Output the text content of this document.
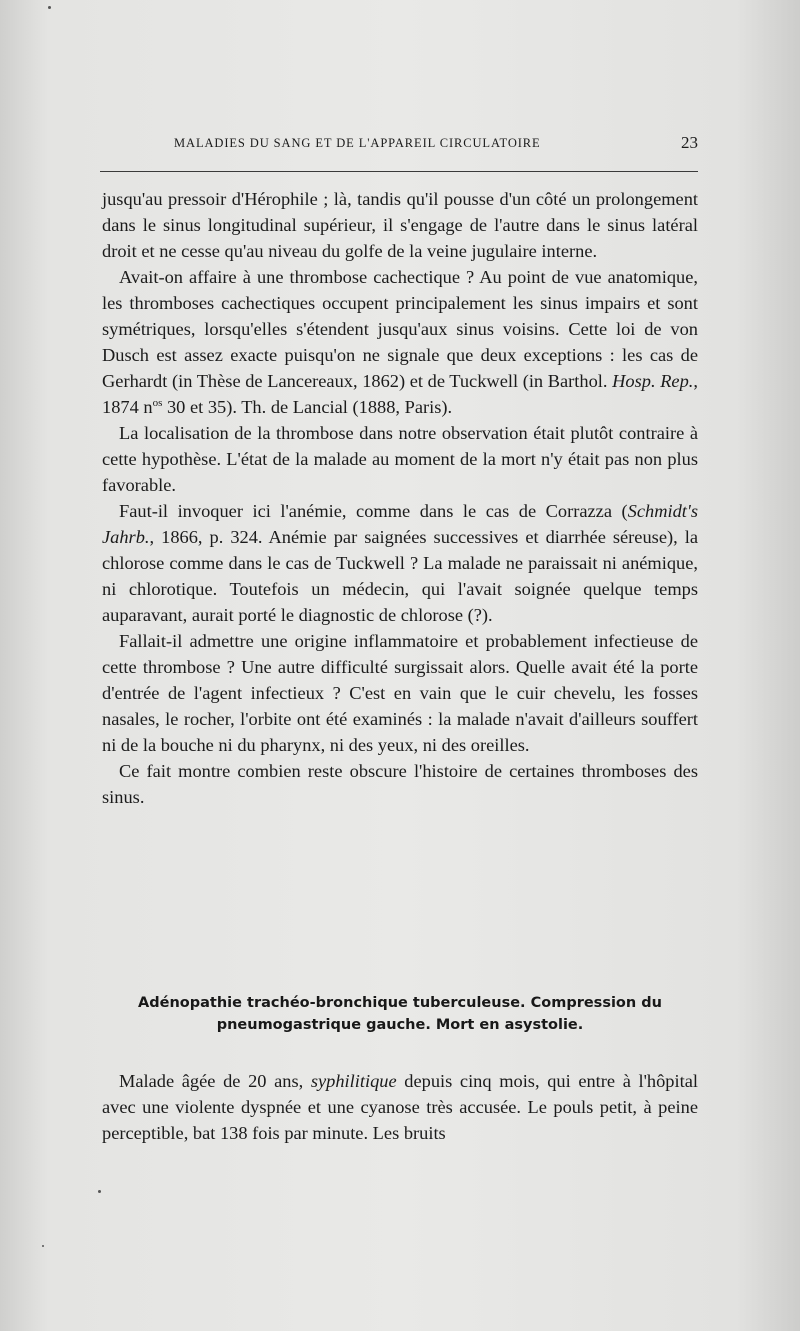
MALADIES DU SANG ET DE L'APPAREIL CIRCULATOIRE	23

jusqu'au pressoir d'Hérophile ; là, tandis qu'il pousse d'un côté un prolongement dans le sinus longitudinal supérieur, il s'engage de l'autre dans le sinus latéral droit et ne cesse qu'au niveau du golfe de la veine jugulaire interne.

Avait-on affaire à une thrombose cachectique ? Au point de vue anatomique, les thromboses cachectiques occupent principalement les sinus impairs et sont symétriques, lorsqu'elles s'étendent jusqu'aux sinus voisins. Cette loi de von Dusch est assez exacte puisqu'on ne signale que deux exceptions : les cas de Gerhardt (in Thèse de Lancereaux, 1862) et de Tuckwell (in Barthol. Hosp. Rep., 1874 $n^{os}$ 30 et 35). Th. de Lancial (1888, Paris).

La localisation de la thrombose dans notre observation était plutôt contraire à cette hypothèse. L'état de la malade au moment de la mort n'y était pas non plus favorable.

Faut-il invoquer ici l'anémie, comme dans le cas de Corrazza (Schmidt's Jahrb., 1866, p. 324. Anémie par saignées successives et diarrhée séreuse), la chlorose comme dans le cas de Tuckwell ? La malade ne paraissait ni anémique, ni chlorotique. Toutefois un médecin, qui l'avait soignée quelque temps auparavant, aurait porté le diagnostic de chlorose (?).

Fallait-il admettre une origine inflammatoire et probablement infectieuse de cette thrombose ? Une autre difficulté surgissait alors. Quelle avait été la porte d'entrée de l'agent infectieux ? C'est en vain que le cuir chevelu, les fosses nasales, le rocher, l'orbite ont été examinés : la malade n'avait d'ailleurs souffert ni de la bouche ni du pharynx, ni des yeux, ni des oreilles.

Ce fait montre combien reste obscure l'histoire de certaines thromboses des sinus.

Adénopathie trachéo-bronchique tuberculeuse. Compression du
pneumogastrique gauche. Mort en asystolie.

Malade âgée de 20 ans, syphilitique depuis cinq mois, qui entre à l'hôpital avec une violente dyspnée et une cyanose très accusée. Le pouls petit, à peine perceptible, bat 138 fois par minute. Les bruits
